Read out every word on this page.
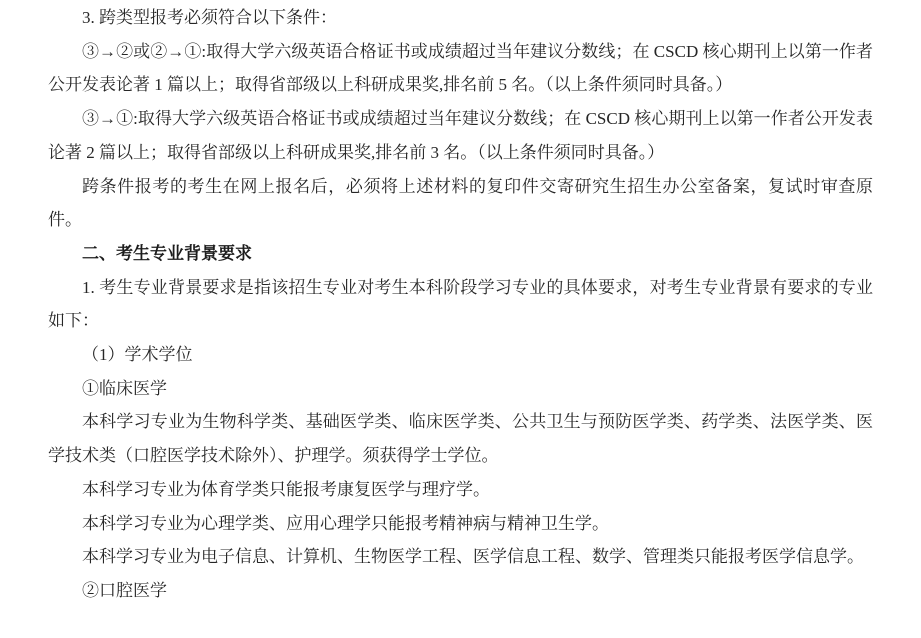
3. 跨类型报考必须符合以下条件：

③→②或②→①:取得大学六级英语合格证书或成绩超过当年建议分数线；在 CSCD 核心期刊上以第一作者公开发表论著 1 篇以上；取得省部级以上科研成果奖,排名前 5 名。（以上条件须同时具备。）

③→①:取得大学六级英语合格证书或成绩超过当年建议分数线；在 CSCD 核心期刊上以第一作者公开发表论著 2 篇以上；取得省部级以上科研成果奖,排名前 3 名。（以上条件须同时具备。）

跨条件报考的考生在网上报名后，必须将上述材料的复印件交寄研究生招生办公室备案，复试时审查原件。

二、考生专业背景要求

1. 考生专业背景要求是指该招生专业对考生本科阶段学习专业的具体要求，对考生专业背景有要求的专业如下：

（1）学术学位

①临床医学

本科学习专业为生物科学类、基础医学类、临床医学类、公共卫生与预防医学类、药学类、法医学类、医学技术类（口腔医学技术除外）、护理学。须获得学士学位。

本科学习专业为体育学类只能报考康复医学与理疗学。

本科学习专业为心理学类、应用心理学只能报考精神病与精神卫生学。

本科学习专业为电子信息、计算机、生物医学工程、医学信息工程、数学、管理类只能报考医学信息学。

②口腔医学
